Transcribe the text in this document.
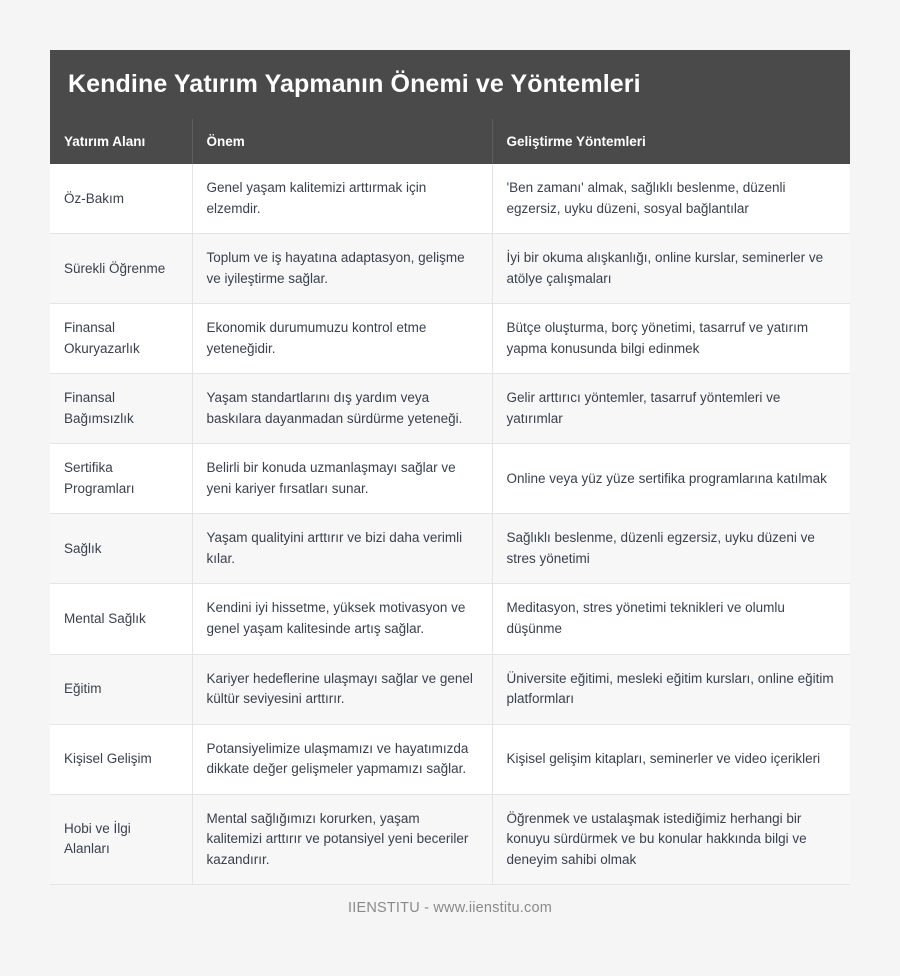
Kendine Yatırım Yapmanın Önemi ve Yöntemleri
Yatırım Alanı	Önem	Geliştirme Yöntemleri
Öz-Bakım	Genel yaşam kalitemizi arttırmak için elzemdir.	'Ben zamanı' almak, sağlıklı beslenme, düzenli egzersiz, uyku düzeni, sosyal bağlantılar
Sürekli Öğrenme	Toplum ve iş hayatına adaptasyon, gelişme ve iyileştirme sağlar.	İyi bir okuma alışkanlığı, online kurslar, seminerler ve atölye çalışmaları
Finansal Okuryazarlık	Ekonomik durumumuzu kontrol etme yeteneğidir.	Bütçe oluşturma, borç yönetimi, tasarruf ve yatırım yapma konusunda bilgi edinmek
Finansal Bağımsızlık	Yaşam standartlarını dış yardım veya baskılara dayanmadan sürdürme yeteneği.	Gelir arttırıcı yöntemler, tasarruf yöntemleri ve yatırımlar
Sertifika Programları	Belirli bir konuda uzmanlaşmayı sağlar ve yeni kariyer fırsatları sunar.	Online veya yüz yüze sertifika programlarına katılmak
Sağlık	Yaşam qualityini arttırır ve bizi daha verimli kılar.	Sağlıklı beslenme, düzenli egzersiz, uyku düzeni ve stres yönetimi
Mental Sağlık	Kendini iyi hissetme, yüksek motivasyon ve genel yaşam kalitesinde artış sağlar.	Meditasyon, stres yönetimi teknikleri ve olumlu düşünme
Eğitim	Kariyer hedeflerine ulaşmayı sağlar ve genel kültür seviyesini arttırır.	Üniversite eğitimi, mesleki eğitim kursları, online eğitim platformları
Kişisel Gelişim	Potansiyelimize ulaşmamızı ve hayatımızda dikkate değer gelişmeler yapmamızı sağlar.	Kişisel gelişim kitapları, seminerler ve video içerikleri
Hobi ve İlgi Alanları	Mental sağlığımızı korurken, yaşam kalitemizi arttırır ve potansiyel yeni beceriler kazandırır.	Öğrenmek ve ustalaşmak istediğimiz herhangi bir konuyu sürdürmek ve bu konular hakkında bilgi ve deneyim sahibi olmak
IIENSTITU - www.iienstitu.com
